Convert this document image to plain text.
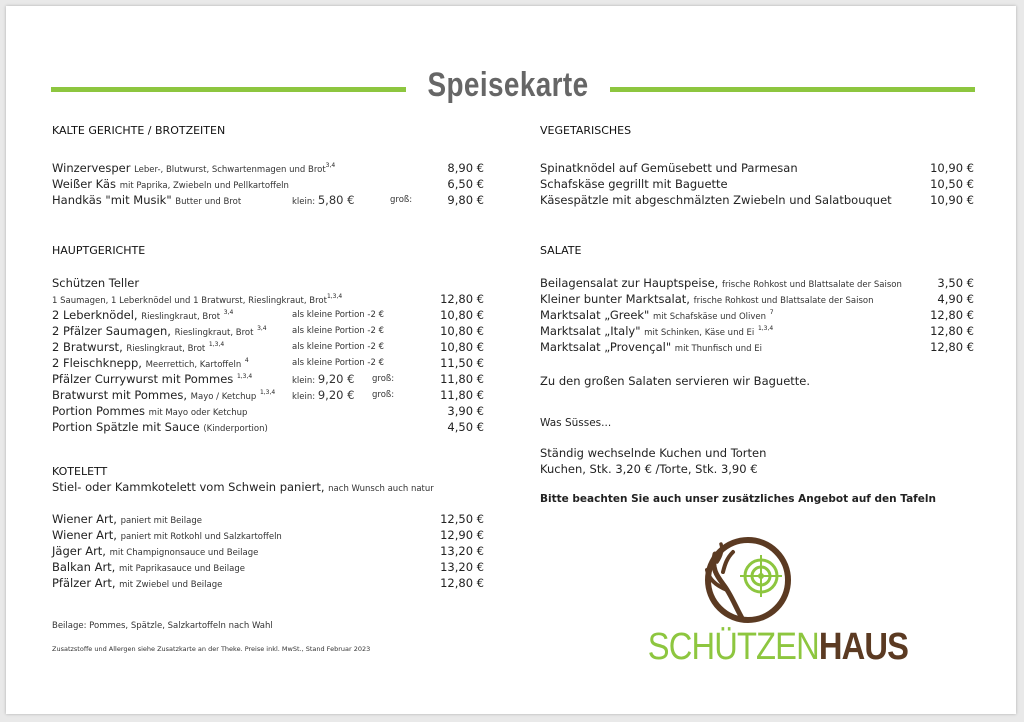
Speisekarte
KALTE GERICHTE / BROTZEITEN
Winzervesper Leber-, Blutwurst, Schwartenmagen und Brot$^{3,4}$	8,90 €
Weißer Käs mit Paprika, Zwiebeln und Pellkartoffeln	6,50 €
Handkäs "mit Musik" Butter und Brot	klein: 5,80 €	groß:	9,80 €
HAUPTGERICHTE
Schützen Teller
1 Saumagen, 1 Leberknödel und 1 Bratwurst, Rieslingkraut, Brot$^{1,3,4}$	12,80 €
2 Leberknödel, Rieslingkraut, Brot $^{3,4}$	als kleine Portion -2 €	10,80 €
2 Pfälzer Saumagen, Rieslingkraut, Brot $^{3,4}$	als kleine Portion -2 €	10,80 €
2 Bratwurst, Rieslingkraut, Brot $^{1,3,4}$	als kleine Portion -2 €	10,80 €
2 Fleischknepp, Meerrettich, Kartoffeln $^4$	als kleine Portion -2 €	11,50 €
Pfälzer Currywurst mit Pommes $^{1,3,4}$	klein: 9,20 € groß:	11,80 €
Bratwurst mit Pommes, Mayo / Ketchup $^{1,3,4}$ klein: 9,20 € groß:	11,80 €
Portion Pommes mit Mayo oder Ketchup	3,90 €
Portion Spätzle mit Sauce (Kinderportion)	4,50 €
KOTELETT
Stiel- oder Kammkotelett vom Schwein paniert, nach Wunsch auch natur
Wiener Art, paniert mit Beilage	12,50 €
Wiener Art, paniert mit Rotkohl und Salzkartoffeln	12,90 €
Jäger Art, mit Champignonsauce und Beilage	13,20 €
Balkan Art, mit Paprikasauce und Beilage	13,20 €
Pfälzer Art, mit Zwiebel und Beilage	12,80 €
Beilage: Pommes, Spätzle, Salzkartoffeln nach Wahl
Zusatzstoffe und Allergen siehe Zusatzkarte an der Theke. Preise inkl. MwSt., Stand Februar 2023
VEGETARISCHES
Spinatknödel auf Gemüsebett und Parmesan	10,90 €
Schafskäse gegrillt mit Baguette	10,50 €
Käsespätzle mit abgeschmälzten Zwiebeln und Salatbouquet	10,90 €
SALATE
Beilagensalat zur Hauptspeise, frische Rohkost und Blattsalate der Saison	3,50 €
Kleiner bunter Marktsalat, frische Rohkost und Blattsalate der Saison	4,90 €
Marktsalat „Greek" mit Schafskäse und Oliven $^7$	12,80 €
Marktsalat „Italy" mit Schinken, Käse und Ei $^{1,3,4}$	12,80 €
Marktsalat „Provençal" mit Thunfisch und Ei	12,80 €
Zu den großen Salaten servieren wir Baguette.
Was Süsses...
Ständig wechselnde Kuchen und Torten
Kuchen, Stk. 3,20 € /Torte, Stk. 3,90 €
Bitte beachten Sie auch unser zusätzliches Angebot auf den Tafeln
SCHÜTZENHAUS
